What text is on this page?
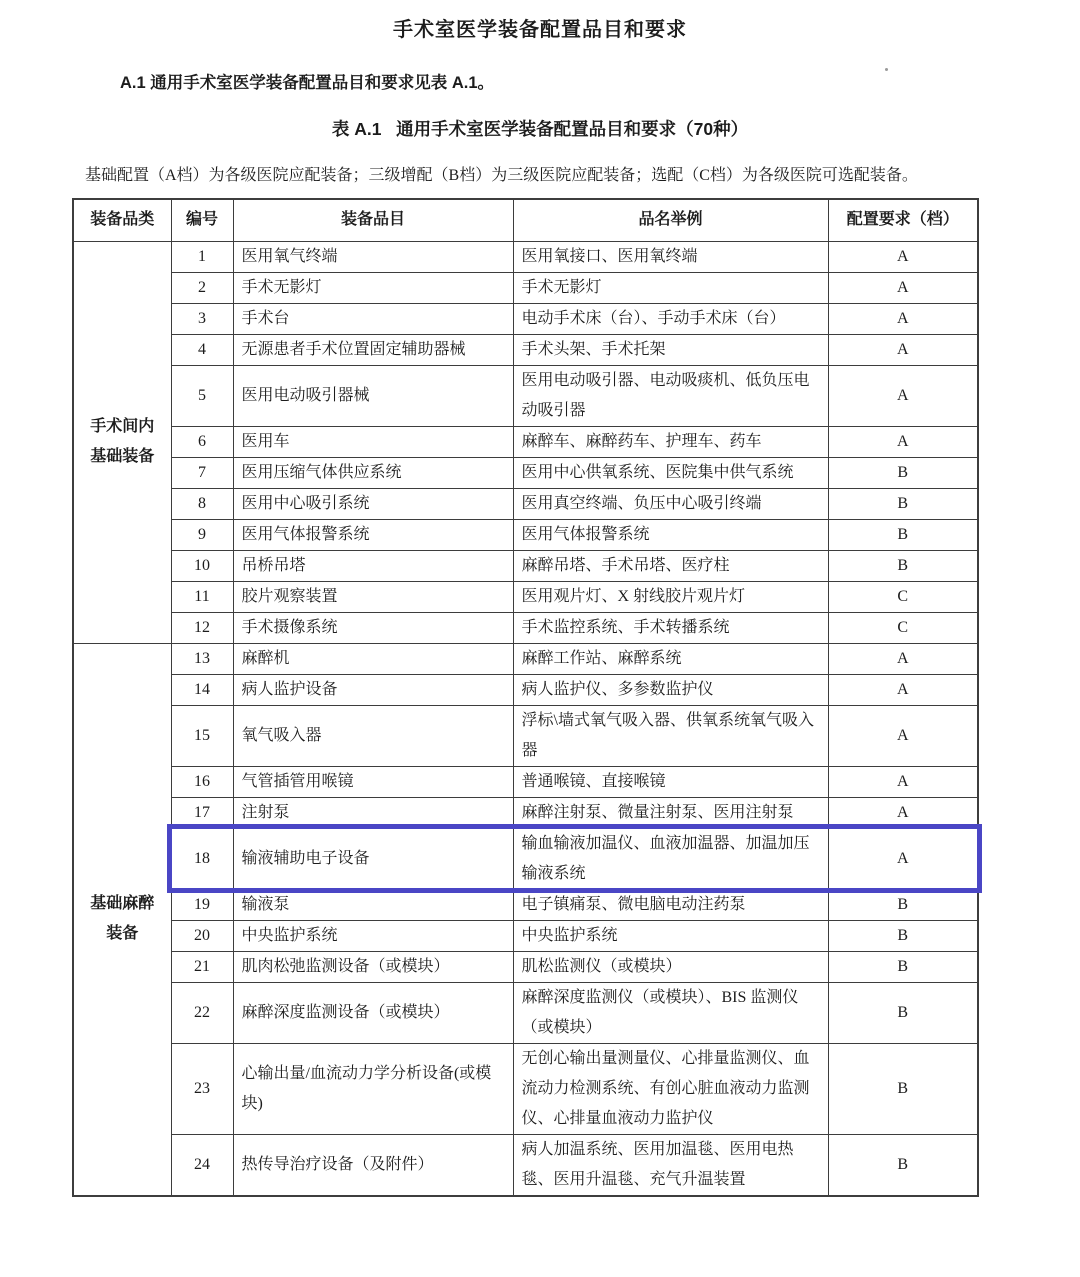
手术室医学装备配置品目和要求
A.1 通用手术室医学装备配置品目和要求见表 A.1。
表 A.1   通用手术室医学装备配置品目和要求（70种）
基础配置（A档）为各级医院应配装备；三级增配（B档）为三级医院应配装备；选配（C档）为各级医院可选配装备。
装备品类	编号	装备品目	品名举例	配置要求（档）
手术间内基础装备	1	医用氧气终端	医用氧接口、医用氧终端	A
	2	手术无影灯	手术无影灯	A
	3	手术台	电动手术床（台）、手动手术床（台）	A
	4	无源患者手术位置固定辅助器械	手术头架、手术托架	A
	5	医用电动吸引器械	医用电动吸引器、电动吸痰机、低负压电动吸引器	A
	6	医用车	麻醉车、麻醉药车、护理车、药车	A
	7	医用压缩气体供应系统	医用中心供氧系统、医院集中供气系统	B
	8	医用中心吸引系统	医用真空终端、负压中心吸引终端	B
	9	医用气体报警系统	医用气体报警系统	B
	10	吊桥吊塔	麻醉吊塔、手术吊塔、医疗柱	B
	11	胶片观察装置	医用观片灯、X 射线胶片观片灯	C
	12	手术摄像系统	手术监控系统、手术转播系统	C
基础麻醉装备	13	麻醉机	麻醉工作站、麻醉系统	A
	14	病人监护设备	病人监护仪、多参数监护仪	A
	15	氧气吸入器	浮标\墙式氧气吸入器、供氧系统氧气吸入器	A
	16	气管插管用喉镜	普通喉镜、直接喉镜	A
	17	注射泵	麻醉注射泵、微量注射泵、医用注射泵	A
	18	输液辅助电子设备	输血输液加温仪、血液加温器、加温加压输液系统	A
	19	输液泵	电子镇痛泵、微电脑电动注药泵	B
	20	中央监护系统	中央监护系统	B
	21	肌肉松弛监测设备（或模块）	肌松监测仪（或模块）	B
	22	麻醉深度监测设备（或模块）	麻醉深度监测仪（或模块）、BIS 监测仪（或模块）	B
	23	心输出量/血流动力学分析设备(或模块)	无创心输出量测量仪、心排量监测仪、血流动力检测系统、有创心脏血液动力监测仪、心排量血液动力监护仪	B
	24	热传导治疗设备（及附件）	病人加温系统、医用加温毯、医用电热毯、医用升温毯、充气升温装置	B
